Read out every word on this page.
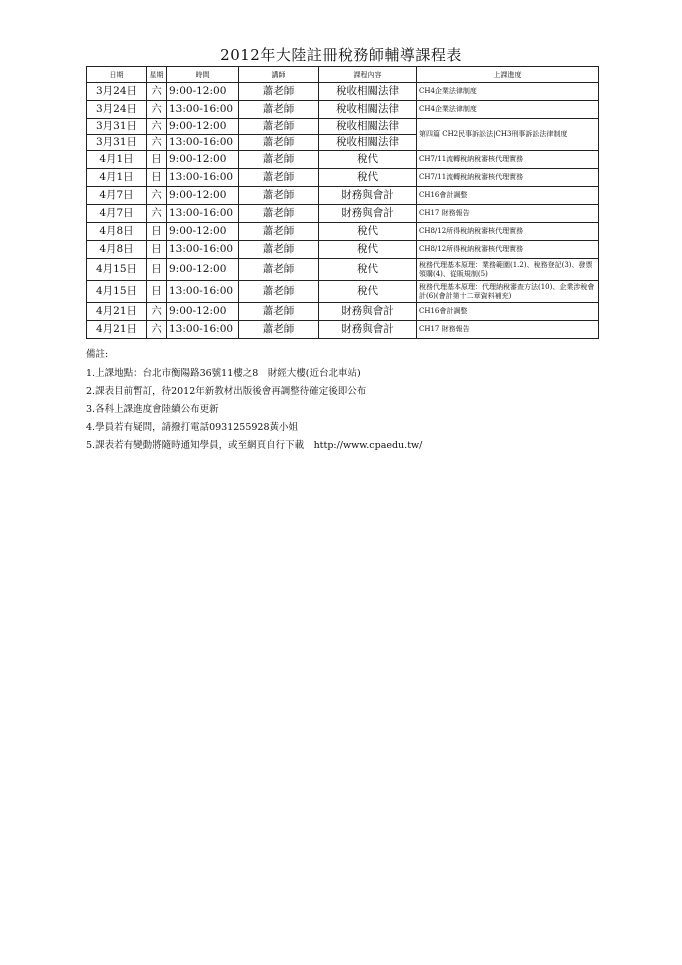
2012年大陸註冊稅務師輔導課程表
日期	星期	時間	講師	課程內容	上課進度
3月24日	六	9:00-12:00	蕭老師	稅收相關法律	CH4企業法律制度
3月24日	六	13:00-16:00	蕭老師	稅收相關法律	CH4企業法律制度
3月31日	六	9:00-12:00	蕭老師	稅收相關法律	第四篇 CH2民事訴訟法|CH3刑事訴訟法律制度
3月31日	六	13:00-16:00	蕭老師	稅收相關法律	
4月1日	日	9:00-12:00	蕭老師	稅代	CH7/11流轉稅納稅審核代理實務
4月1日	日	13:00-16:00	蕭老師	稅代	CH7/11流轉稅納稅審核代理實務
4月7日	六	9:00-12:00	蕭老師	財務與會計	CH16會計調整
4月7日	六	13:00-16:00	蕭老師	財務與會計	CH17 財務報告
4月8日	日	9:00-12:00	蕭老師	稅代	CH8/12所得稅納稅審核代理實務
4月8日	日	13:00-16:00	蕭老師	稅代	CH8/12所得稅納稅審核代理實務
4月15日	日	9:00-12:00	蕭老師	稅代	稅務代理基本原理：業務範圍(1.2)、稅務登記(3)、發票領購(4)、從販規制(5)
4月15日	日	13:00-16:00	蕭老師	稅代	稅務代理基本原理：代理納稅審查方法(10)、企業涉稅會計(6)(會計第十二章資料補充)
4月21日	六	9:00-12:00	蕭老師	財務與會計	CH16會計調整
4月21日	六	13:00-16:00	蕭老師	財務與會計	CH17 財務報告
備註:
1.上課地點：台北市衡陽路36號11樓之8　財經大樓(近台北車站)
2.課表目前暫訂，待2012年新教材出版後會再調整待確定後即公布
3.各科上課進度會陸續公布更新
4.學員若有疑問，請撥打電話0931255928黃小姐
5.課表若有變動將隨時通知學員，或至網頁自行下載　http://www.cpaedu.tw/
